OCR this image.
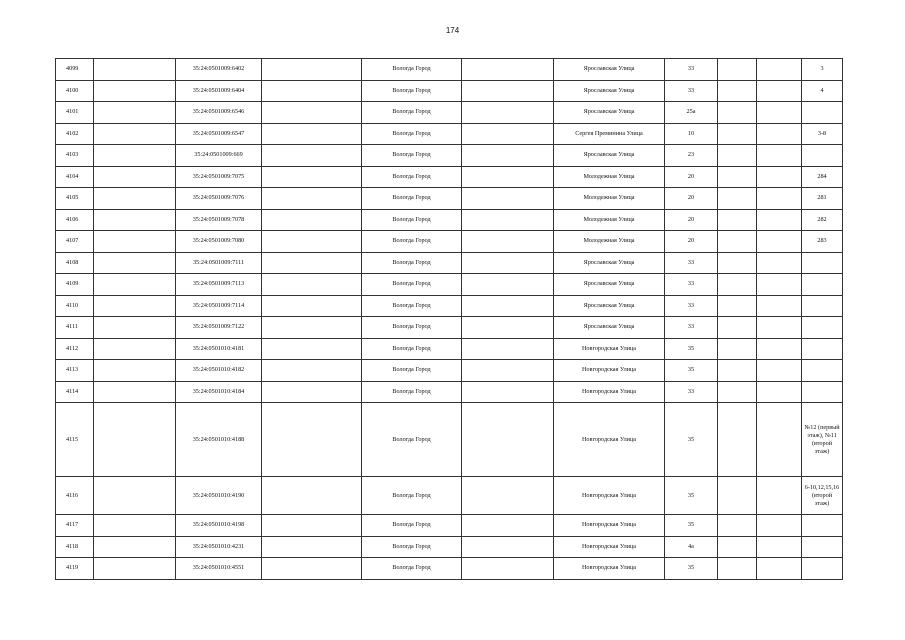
174
4099		35:24:0501009:6402		Вологда Город		Ярославская Улица	33			3

4100		35:24:0501009:6404		Вологда Город		Ярославская Улица	33			4

4101		35:24:0501009:6546		Вологда Город		Ярославская Улица	25а			

4102		35:24:0501009:6547		Вологда Город		Сергея Преминина Улица	10			3-8

4103		35:24:0501009:669		Вологда Город		Ярославская Улица	23			

4104		35:24:0501009:7075		Вологда Город		Молодежная Улица	20			284

4105		35:24:0501009:7076		Вологда Город		Молодежная Улица	20			281

4106		35:24:0501009:7078		Вологда Город		Молодежная Улица	20			282

4107		35:24:0501009:7080		Вологда Город		Молодежная Улица	20			283

4108		35:24:0501009:7111		Вологда Город		Ярославская Улица	33			

4109		35:24:0501009:7113		Вологда Город		Ярославская Улица	33			

4110		35:24:0501009:7114		Вологда Город		Ярославская Улица	33			

4111		35:24:0501009:7122		Вологда Город		Ярославская Улица	33			

4112		35:24:0501010:4181		Вологда Город		Новгородская Улица	35			

4113		35:24:0501010:4182		Вологда Город		Новгородская Улица	35			

4114		35:24:0501010:4184		Вологда Город		Новгородская Улица	33			

4115		35:24:0501010:4188		Вологда Город		Новгородская Улица	35			№12 (первый этаж), №11 (второй этаж)

4116		35:24:0501010:4190		Вологда Город		Новгородская Улица	35			6-10,12,15,16 (второй этаж)

4117		35:24:0501010:4198		Вологда Город		Новгородская Улица	35			

4118		35:24:0501010:4231		Вологда Город		Новгородская Улица	4а			

4119		35:24:0501010:4551		Вологда Город		Новгородская Улица	35			
